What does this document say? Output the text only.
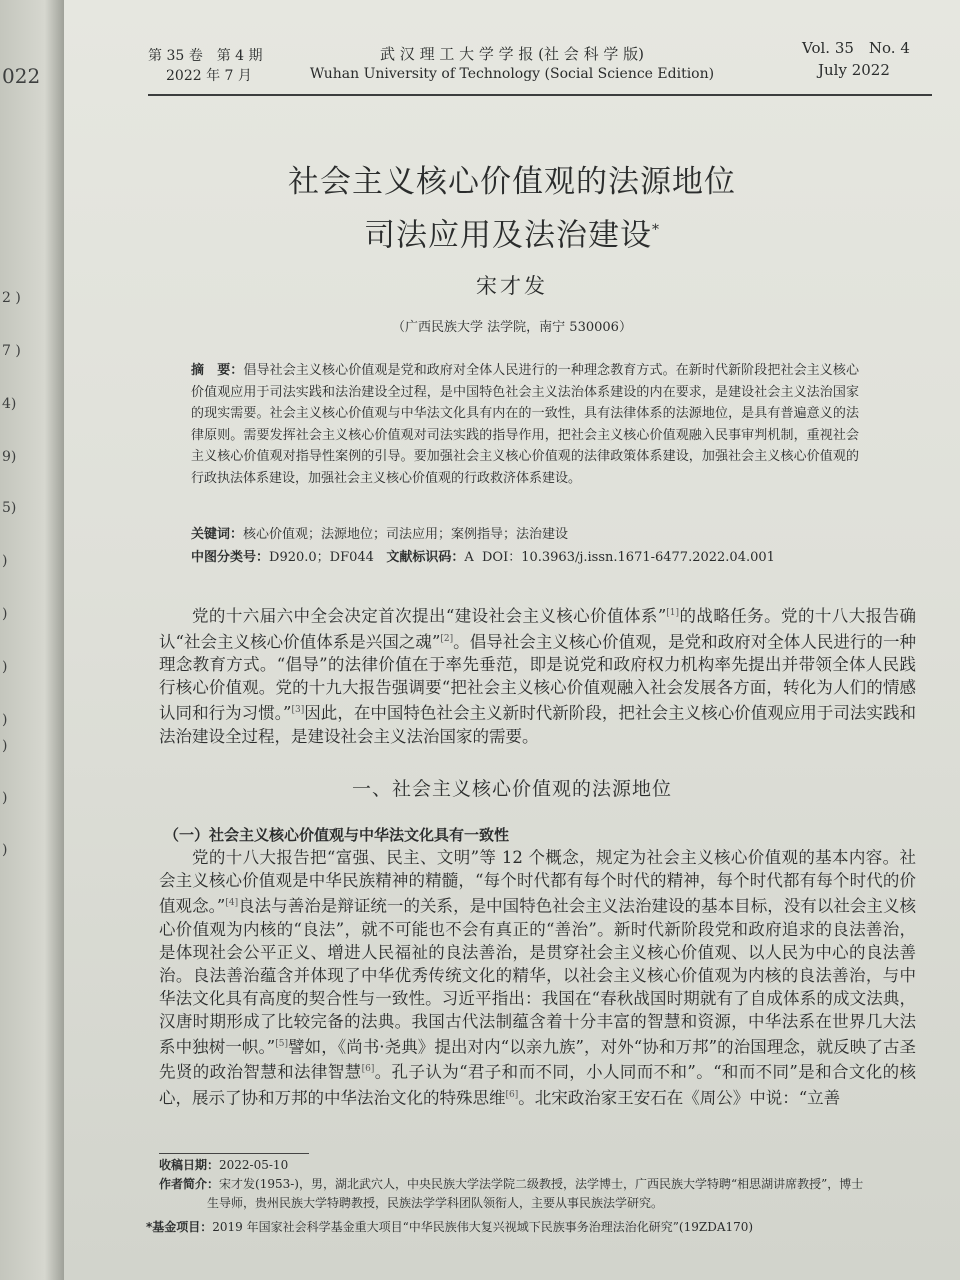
022
2 )
7 )
4)
9)
5)
)
)
)
)
)
)
)
第 35 卷　第 4 期
2022 年 7 月
武 汉 理 工 大 学 学 报 (社 会 科 学 版)
Wuhan University of Technology (Social Science Edition)
Vol. 35　No. 4
July 2022
社会主义核心价值观的法源地位
司法应用及法治建设*
宋才发
（广西民族大学 法学院，南宁 530006）
摘　要：倡导社会主义核心价值观是党和政府对全体人民进行的一种理念教育方式。在新时代新阶段把社会主义核心价值观应用于司法实践和法治建设全过程，是中国特色社会主义法治体系建设的内在要求，是建设社会主义法治国家的现实需要。社会主义核心价值观与中华法文化具有内在的一致性，具有法律体系的法源地位，是具有普遍意义的法律原则。需要发挥社会主义核心价值观对司法实践的指导作用，把社会主义核心价值观融入民事审判机制，重视社会主义核心价值观对指导性案例的引导。要加强社会主义核心价值观的法律政策体系建设，加强社会主义核心价值观的行政执法体系建设，加强社会主义核心价值观的行政救济体系建设。
关键词：核心价值观；法源地位；司法应用；案例指导；法治建设
中图分类号：D920.0；DF044 文献标识码：A DOI：10.3963/j.issn.1671-6477.2022.04.001
党的十六届六中全会决定首次提出“建设社会主义核心价值体系”[1]的战略任务。党的十八大报告确认“社会主义核心价值体系是兴国之魂”[2]。倡导社会主义核心价值观，是党和政府对全体人民进行的一种理念教育方式。“倡导”的法律价值在于率先垂范，即是说党和政府权力机构率先提出并带领全体人民践行核心价值观。党的十九大报告强调要“把社会主义核心价值观融入社会发展各方面，转化为人们的情感认同和行为习惯。”[3]因此，在中国特色社会主义新时代新阶段，把社会主义核心价值观应用于司法实践和法治建设全过程，是建设社会主义法治国家的需要。
一、社会主义核心价值观的法源地位
（一）社会主义核心价值观与中华法文化具有一致性
党的十八大报告把“富强、民主、文明”等 12 个概念，规定为社会主义核心价值观的基本内容。社会主义核心价值观是中华民族精神的精髓，“每个时代都有每个时代的精神，每个时代都有每个时代的价值观念。”[4]良法与善治是辩证统一的关系，是中国特色社会主义法治建设的基本目标，没有以社会主义核心价值观为内核的“良法”，就不可能也不会有真正的“善治”。新时代新阶段党和政府追求的良法善治，是体现社会公平正义、增进人民福祉的良法善治，是贯穿社会主义核心价值观、以人民为中心的良法善治。良法善治蕴含并体现了中华优秀传统文化的精华，以社会主义核心价值观为内核的良法善治，与中华法文化具有高度的契合性与一致性。习近平指出：我国在“春秋战国时期就有了自成体系的成文法典，汉唐时期形成了比较完备的法典。我国古代法制蕴含着十分丰富的智慧和资源，中华法系在世界几大法系中独树一帜。”[5]譬如，《尚书·尧典》提出对内“以亲九族”，对外“协和万邦”的治国理念，就反映了古圣先贤的政治智慧和法律智慧[6]。孔子认为“君子和而不同，小人同而不和”。“和而不同”是和合文化的核心，展示了协和万邦的中华法治文化的特殊思维[6]。北宋政治家王安石在《周公》中说：“立善
收稿日期：2022-05-10
作者简介：宋才发(1953-)，男，湖北武穴人，中央民族大学法学院二级教授，法学博士，广西民族大学特聘“相思湖讲席教授”，博士
生导师，贵州民族大学特聘教授，民族法学学科团队领衔人，主要从事民族法学研究。
*基金项目：2019 年国家社会科学基金重大项目“中华民族伟大复兴视域下民族事务治理法治化研究”(19ZDA170)
